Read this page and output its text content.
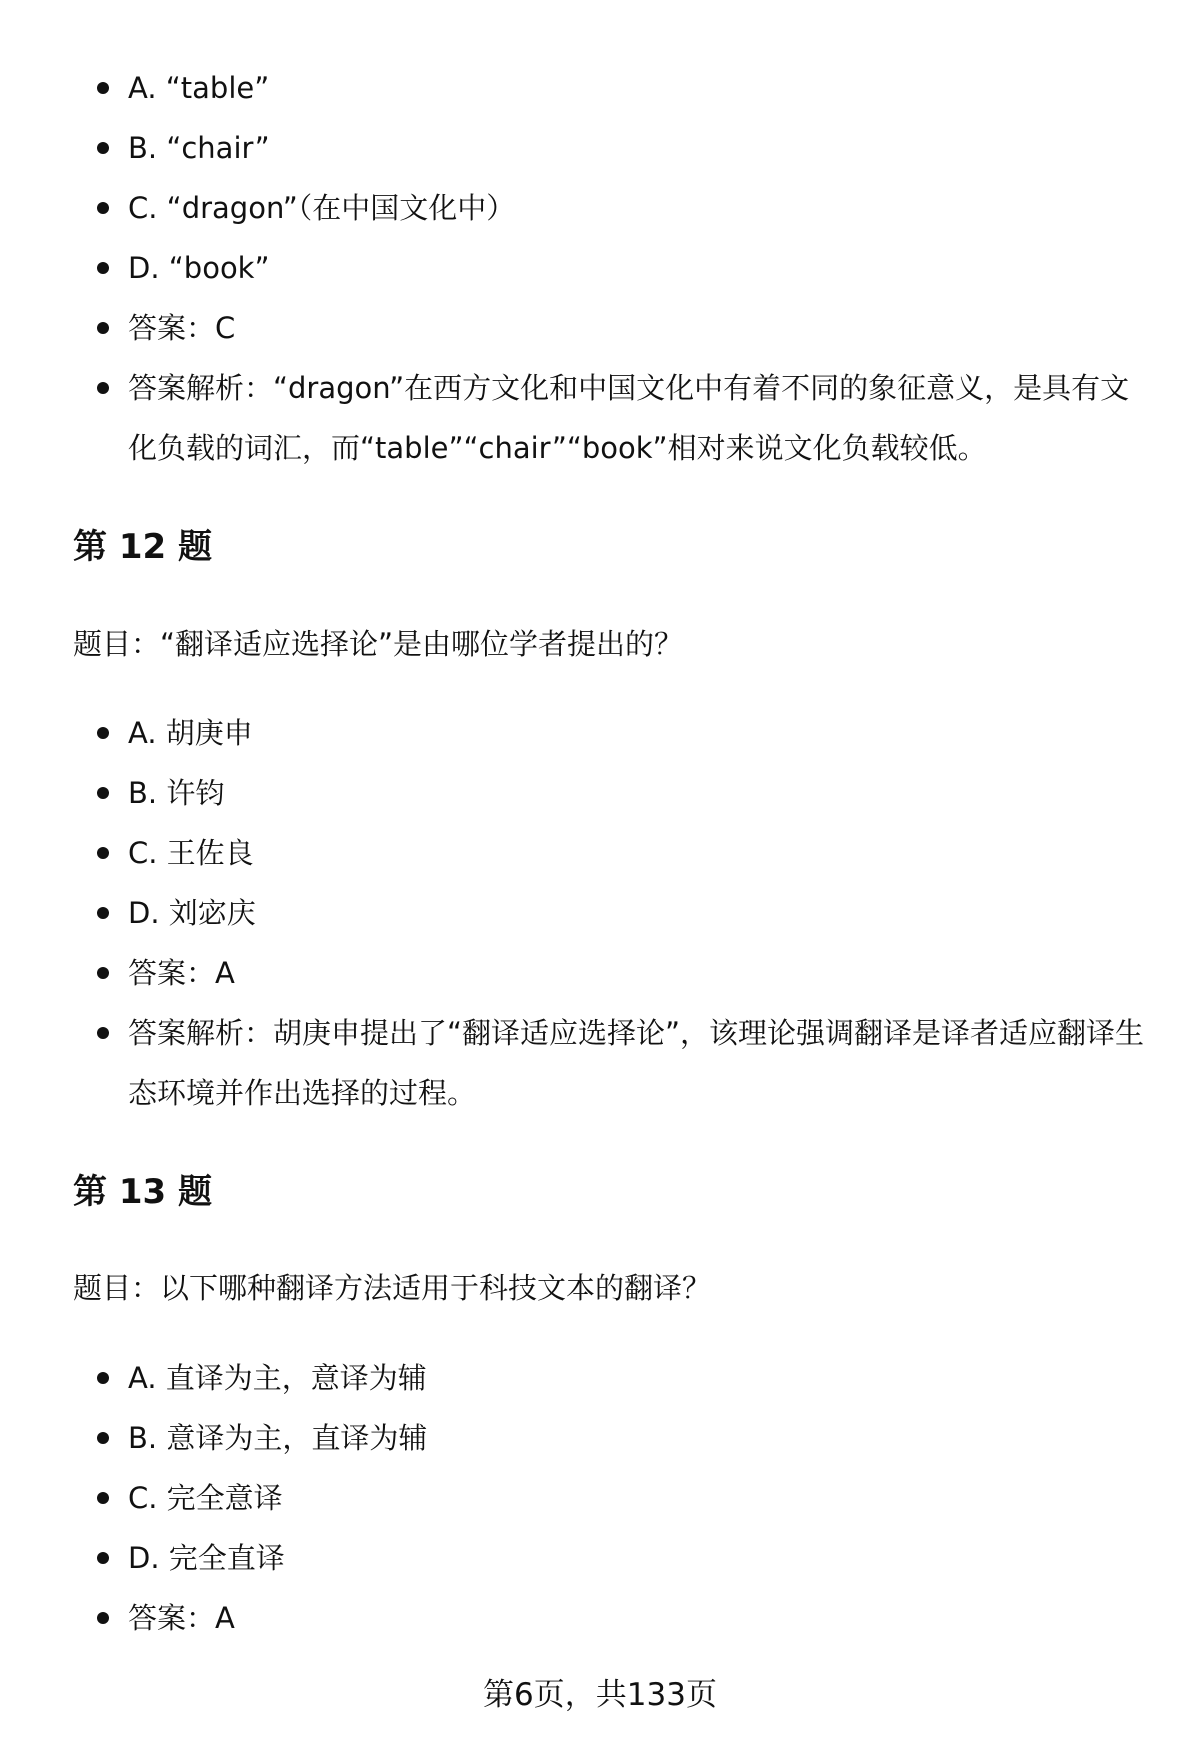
A. “table”
B. “chair”
C. “dragon”（在中国文化中）
D. “book”
答案：C
答案解析：“dragon”在西方文化和中国文化中有着不同的象征意义，是具有文化负载的词汇，而“table”“chair”“book”相对来说文化负载较低。
第 12 题
题目：“翻译适应选择论”是由哪位学者提出的？
A. 胡庚申
B. 许钧
C. 王佐良
D. 刘宓庆
答案：A
答案解析：胡庚申提出了“翻译适应选择论”，该理论强调翻译是译者适应翻译生态环境并作出选择的过程。
第 13 题
题目：以下哪种翻译方法适用于科技文本的翻译？
A. 直译为主，意译为辅
B. 意译为主，直译为辅
C. 完全意译
D. 完全直译
答案：A
第6页，共133页
